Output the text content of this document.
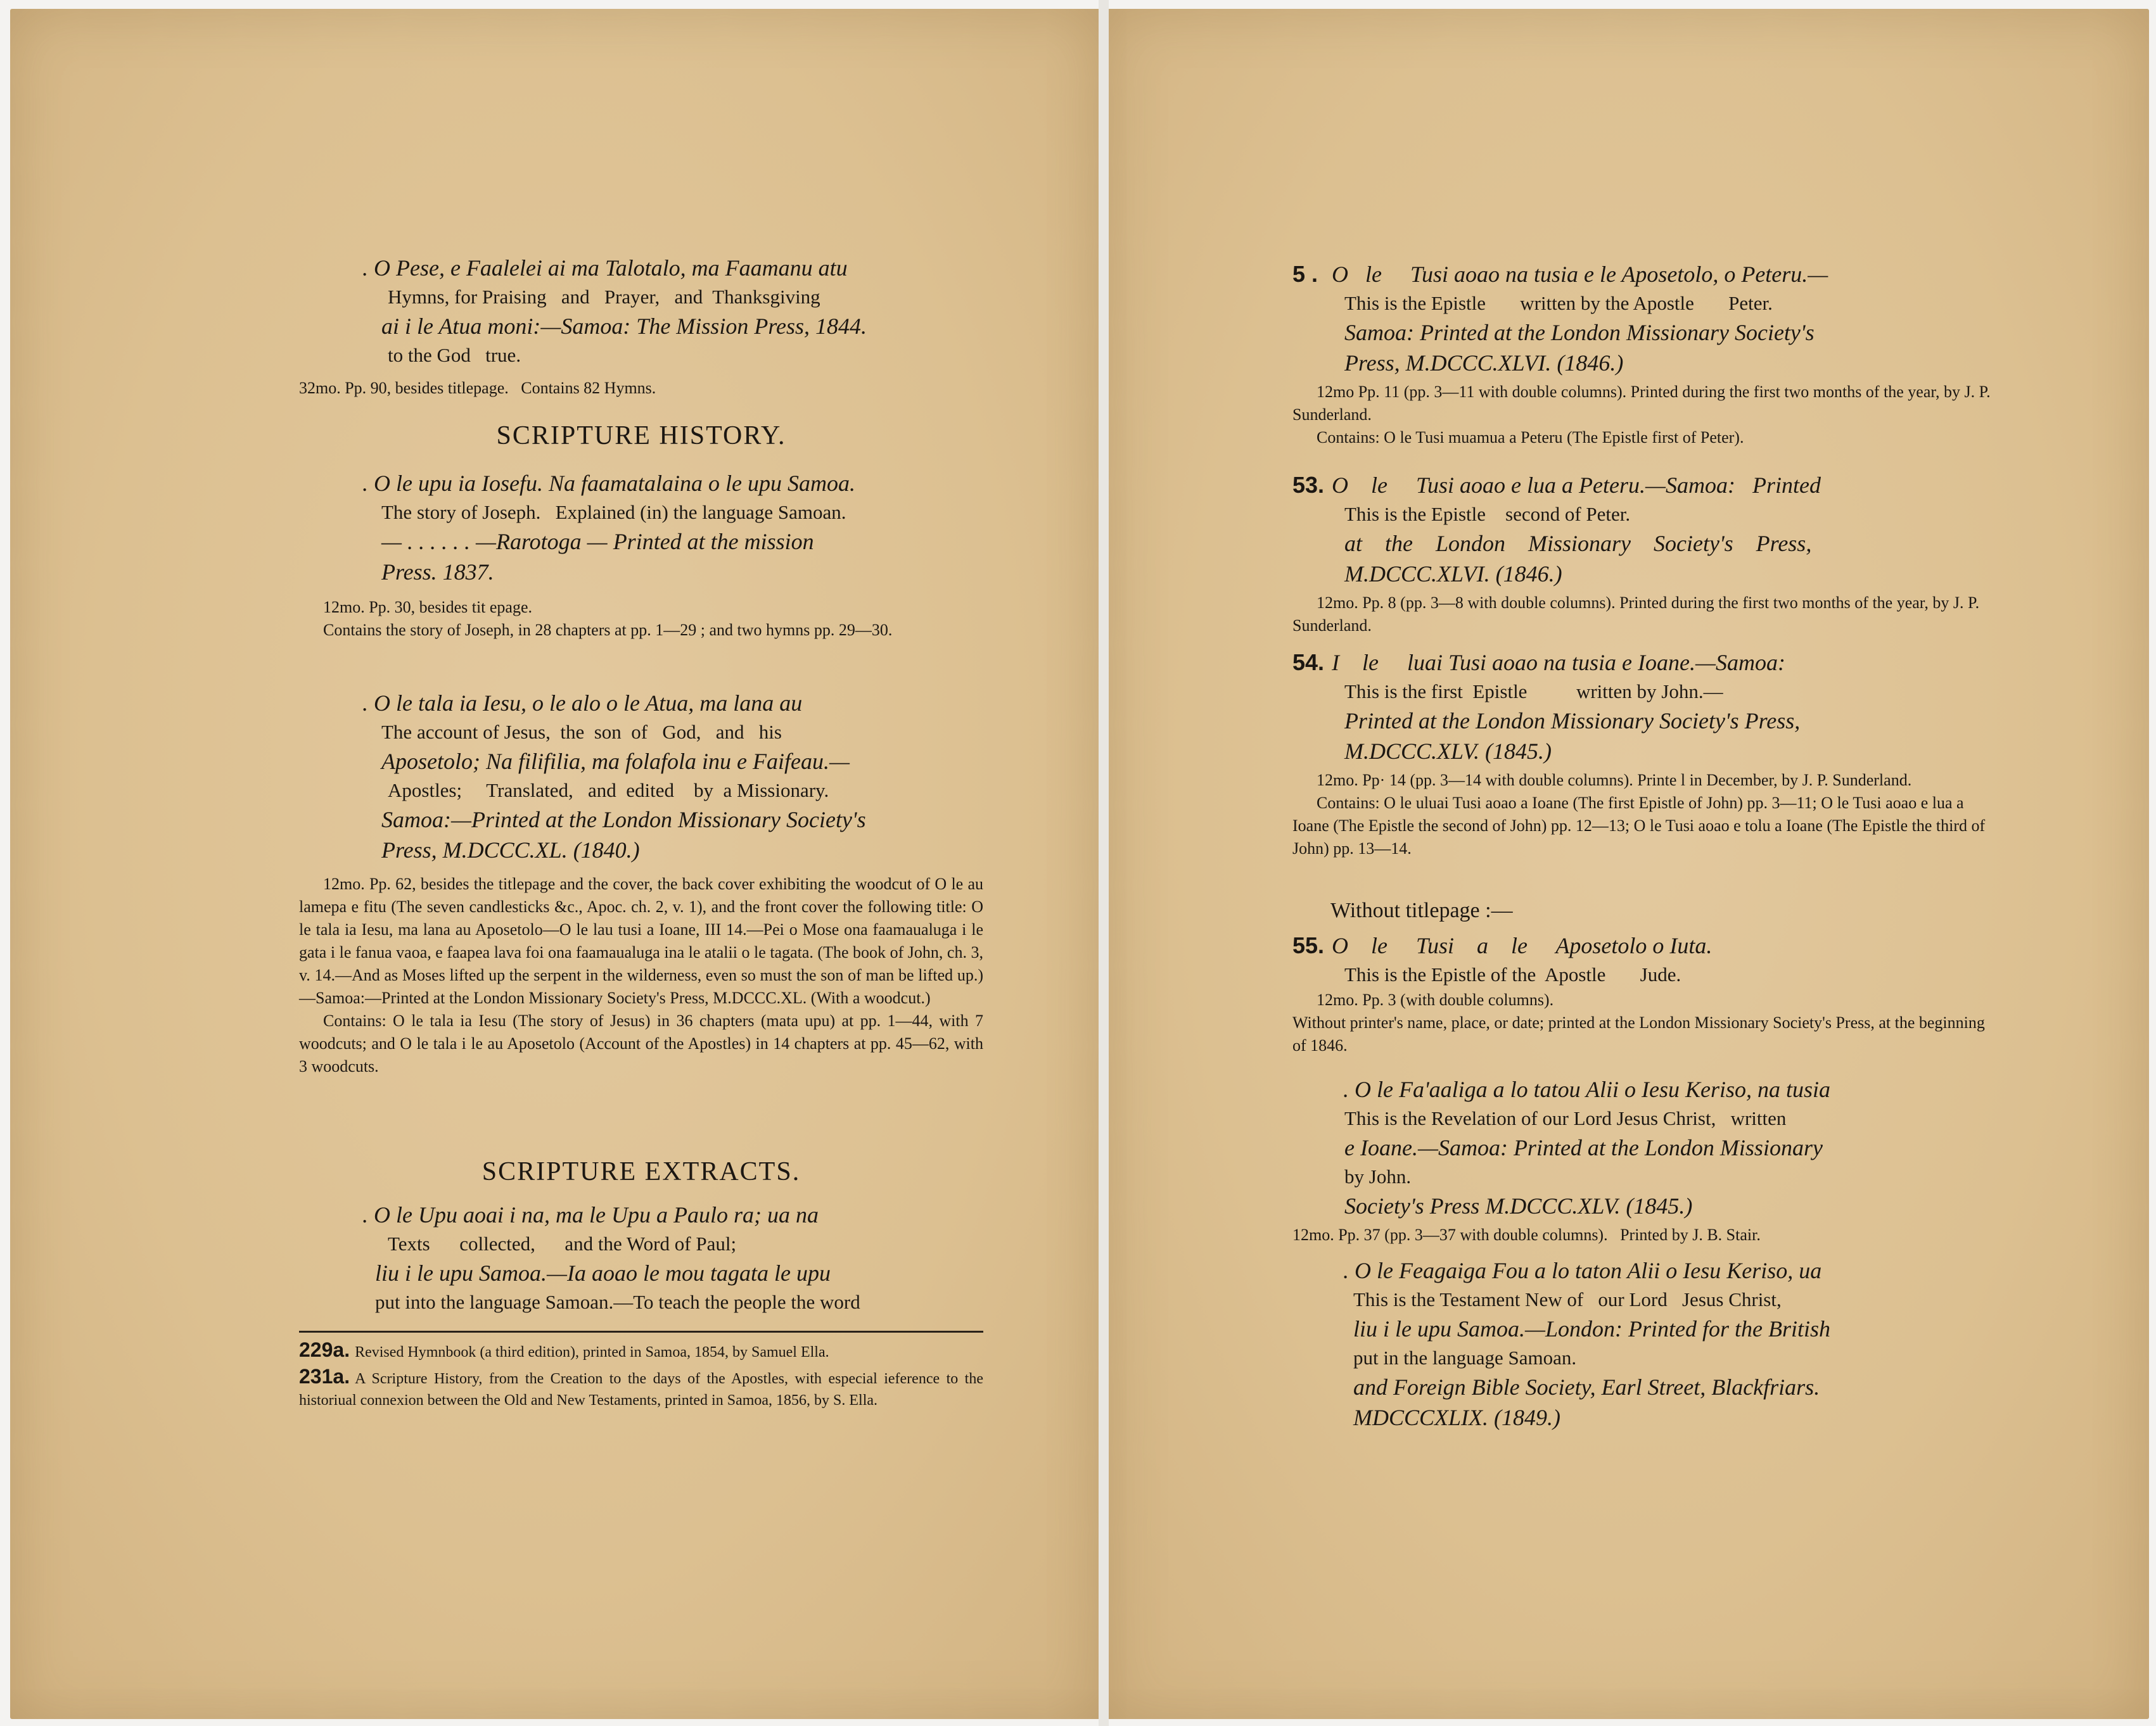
. O Pese, e Faalelei ai ma Talotalo, ma Faamanu atu

Hymns, for Praising   and   Prayer,   and  Thanksgiving

ai i le Atua moni:—Samoa: The Mission Press, 1844.

to the God   true.

32mo. Pp. 90, besides titlepage.   Contains 82 Hymns.

SCRIPTURE HISTORY.

. O le upu ia Iosefu. Na faamatalaina o le upu Samoa.

The story of Joseph.   Explained (in) the language Samoan.

— . . . . . . —Rarotoga — Printed at the mission

Press. 1837.

12mo. Pp. 30, besides tit epage.

Contains the story of Joseph, in 28 chapters at pp. 1—29 ; and two hymns pp. 29—30.

. O le tala ia Iesu, o le alo o le Atua, ma lana au

The account of Jesus,  the  son  of   God,   and   his

Aposetolo; Na filifilia, ma folafola inu e Faifeau.—

Apostles;     Translated,   and  edited    by  a Missionary.

Samoa:—Printed at the London Missionary Society's

Press, M.DCCC.XL. (1840.)

12mo. Pp. 62, besides the titlepage and the cover, the back cover exhibiting the woodcut of O le au lamepa e fitu (The seven candlesticks &c., Apoc. ch. 2, v. 1), and the front cover the following title: O le tala ia Iesu, ma lana au Aposetolo—O le lau tusi a Ioane, III 14.—Pei o Mose ona faamaualuga i le gata i le fanua vaoa, e faapea lava foi ona faamaualuga ina le atalii o le tagata. (The book of John, ch. 3, v. 14.—And as Moses lifted up the serpent in the wilderness, even so must the son of man be lifted up.)—Samoa:—Printed at the London Missionary Society's Press, M.DCCC.XL. (With a woodcut.)

Contains: O le tala ia Iesu (The story of Jesus) in 36 chapters (mata upu) at pp. 1—44, with 7 woodcuts; and O le tala i le au Aposetolo (Account of the Apostles) in 14 chapters at pp. 45—62, with 3 woodcuts.

SCRIPTURE EXTRACTS.

. O le Upu aoai i na, ma le Upu a Paulo ra; ua na

Texts      collected,      and the Word of Paul;

liu i le upu Samoa.—Ia aoao le mou tagata le upu

put into the language Samoan.—To teach the people the word

229a. Revised Hymnbook (a third edition), printed in Samoa, 1854, by Samuel Ella.

231a. A Scripture History, from the Creation to the days of the Apostles, with especial ieference to the historiual connexion between the Old and New Testaments, printed in Samoa, 1856, by S. Ella.

5 . O   le     Tusi aoao na tusia e le Aposetolo, o Peteru.—

This is the Epistle       written by the Apostle       Peter.

Samoa: Printed at the London Missionary Society's

Press, M.DCCC.XLVI. (1846.)

12mo Pp. 11 (pp. 3—11 with double columns). Printed during the first two months of the year, by J. P. Sunderland.

Contains: O le Tusi muamua a Peteru (The Epistle first of Peter).

53. O    le     Tusi aoao e lua a Peteru.—Samoa:   Printed

This is the Epistle    second of Peter.

at    the    London    Missionary    Society's    Press,

M.DCCC.XLVI. (1846.)

12mo. Pp. 8 (pp. 3—8 with double columns). Printed during the first two months of the year, by J. P. Sunderland.

54. I    le     luai Tusi aoao na tusia e Ioane.—Samoa:

This is the first  Epistle          written by John.—

Printed at the London Missionary Society's Press,

M.DCCC.XLV. (1845.)

12mo. Pp· 14 (pp. 3—14 with double columns). Printe l in December, by J. P. Sunderland.

Contains: O le uluai Tusi aoao a Ioane (The first Epistle of John) pp. 3—11; O le Tusi aoao e lua a Ioane (The Epistle the second of John) pp. 12—13; O le Tusi aoao e tolu a Ioane (The Epistle the third of John) pp. 13—14.

Without titlepage :—

55. O    le     Tusi    a    le     Aposetolo o Iuta.

This is the Epistle of the  Apostle       Jude.

12mo. Pp. 3 (with double columns).

Without printer's name, place, or date; printed at the London Missionary Society's Press, at the beginning of 1846.

. O le Fa'aaliga a lo tatou Alii o Iesu Keriso, na tusia

This is the Revelation of our Lord Jesus Christ,   written

e Ioane.—Samoa: Printed at the London Missionary

by John.

Society's Press M.DCCC.XLV. (1845.)

12mo. Pp. 37 (pp. 3—37 with double columns).   Printed by J. B. Stair.

. O le Feagaiga Fou a lo taton Alii o Iesu Keriso, ua

This is the Testament New of   our Lord   Jesus Christ,

liu i le upu Samoa.—London: Printed for the British

put in the language Samoan.

and Foreign Bible Society, Earl Street, Blackfriars.

MDCCCXLIX. (1849.)
